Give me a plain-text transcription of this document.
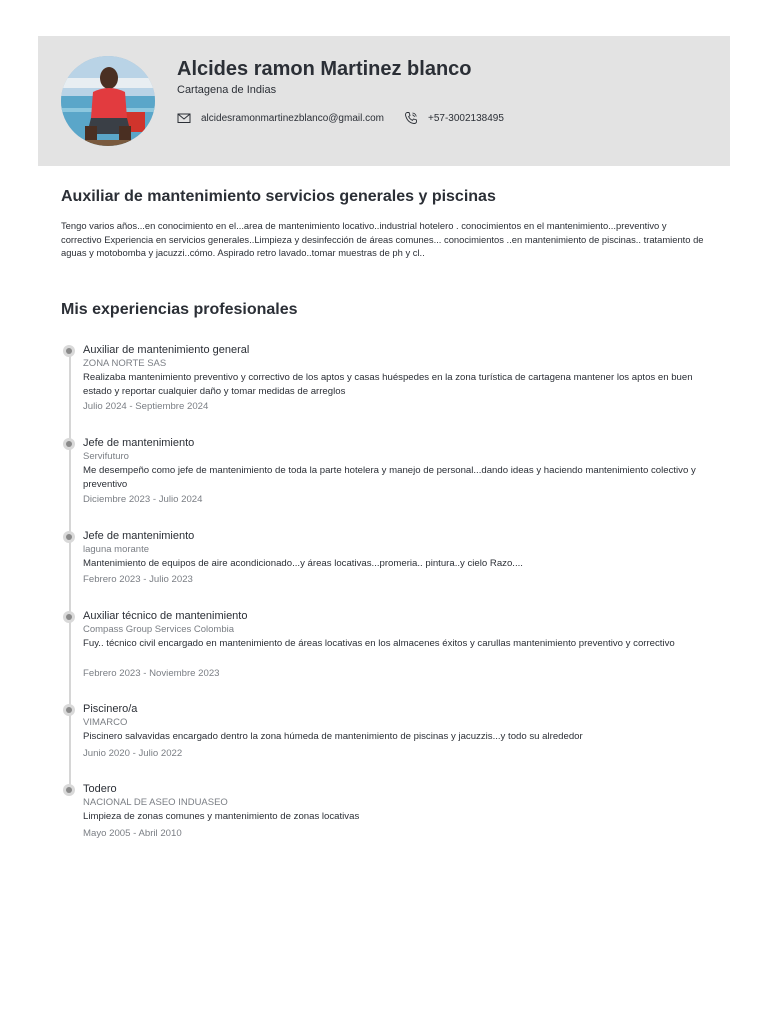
Alcides ramon Martinez blanco
Cartagena de Indias
alcidesramonmartinezblanco@gmail.com	+57-3002138495
Auxiliar de mantenimiento servicios generales y piscinas

Tengo varios años...en conocimiento en el...area de mantenimiento locativo..industrial hotelero . conocimientos en el mantenimiento...preventivo y correctivo Experiencia en servicios generales..Limpieza y desinfección de áreas comunes... conocimientos ..en mantenimiento de piscinas.. tratamiento de aguas y motobomba y jacuzzi..cómo. Aspirado retro lavado..tomar muestras de ph y cl..

Mis experiencias profesionales
Auxiliar de mantenimiento general
ZONA NORTE SAS
Realizaba mantenimiento preventivo y correctivo de los aptos y casas huéspedes en la zona turística de cartagena mantener los aptos en buen estado y reportar cualquier daño y tomar medidas de arreglos
Julio 2024 - Septiembre 2024
Jefe de mantenimiento
Servifuturo
Me desempeño como jefe de mantenimiento de toda la parte hotelera y manejo de personal...dando ideas y haciendo mantenimiento colectivo y preventivo
Diciembre 2023 - Julio 2024
Jefe de mantenimiento
laguna morante
Mantenimiento de equipos de aire acondicionado...y áreas locativas...promeria.. pintura..y cielo Razo....
Febrero 2023 - Julio 2023
Auxiliar técnico de mantenimiento
Compass Group Services Colombia
Fuy.. técnico civil encargado en mantenimiento de áreas locativas en los almacenes éxitos y carullas mantenimiento preventivo y correctivo
Febrero 2023 - Noviembre 2023
Piscinero/a
VIMARCO
Piscinero salvavidas encargado dentro la zona húmeda de mantenimiento de piscinas y jacuzzis...y todo su alrededor
Junio 2020 - Julio 2022
Todero
NACIONAL DE ASEO INDUASEO
Limpieza de zonas comunes y mantenimiento de zonas locativas
Mayo 2005 - Abril 2010
